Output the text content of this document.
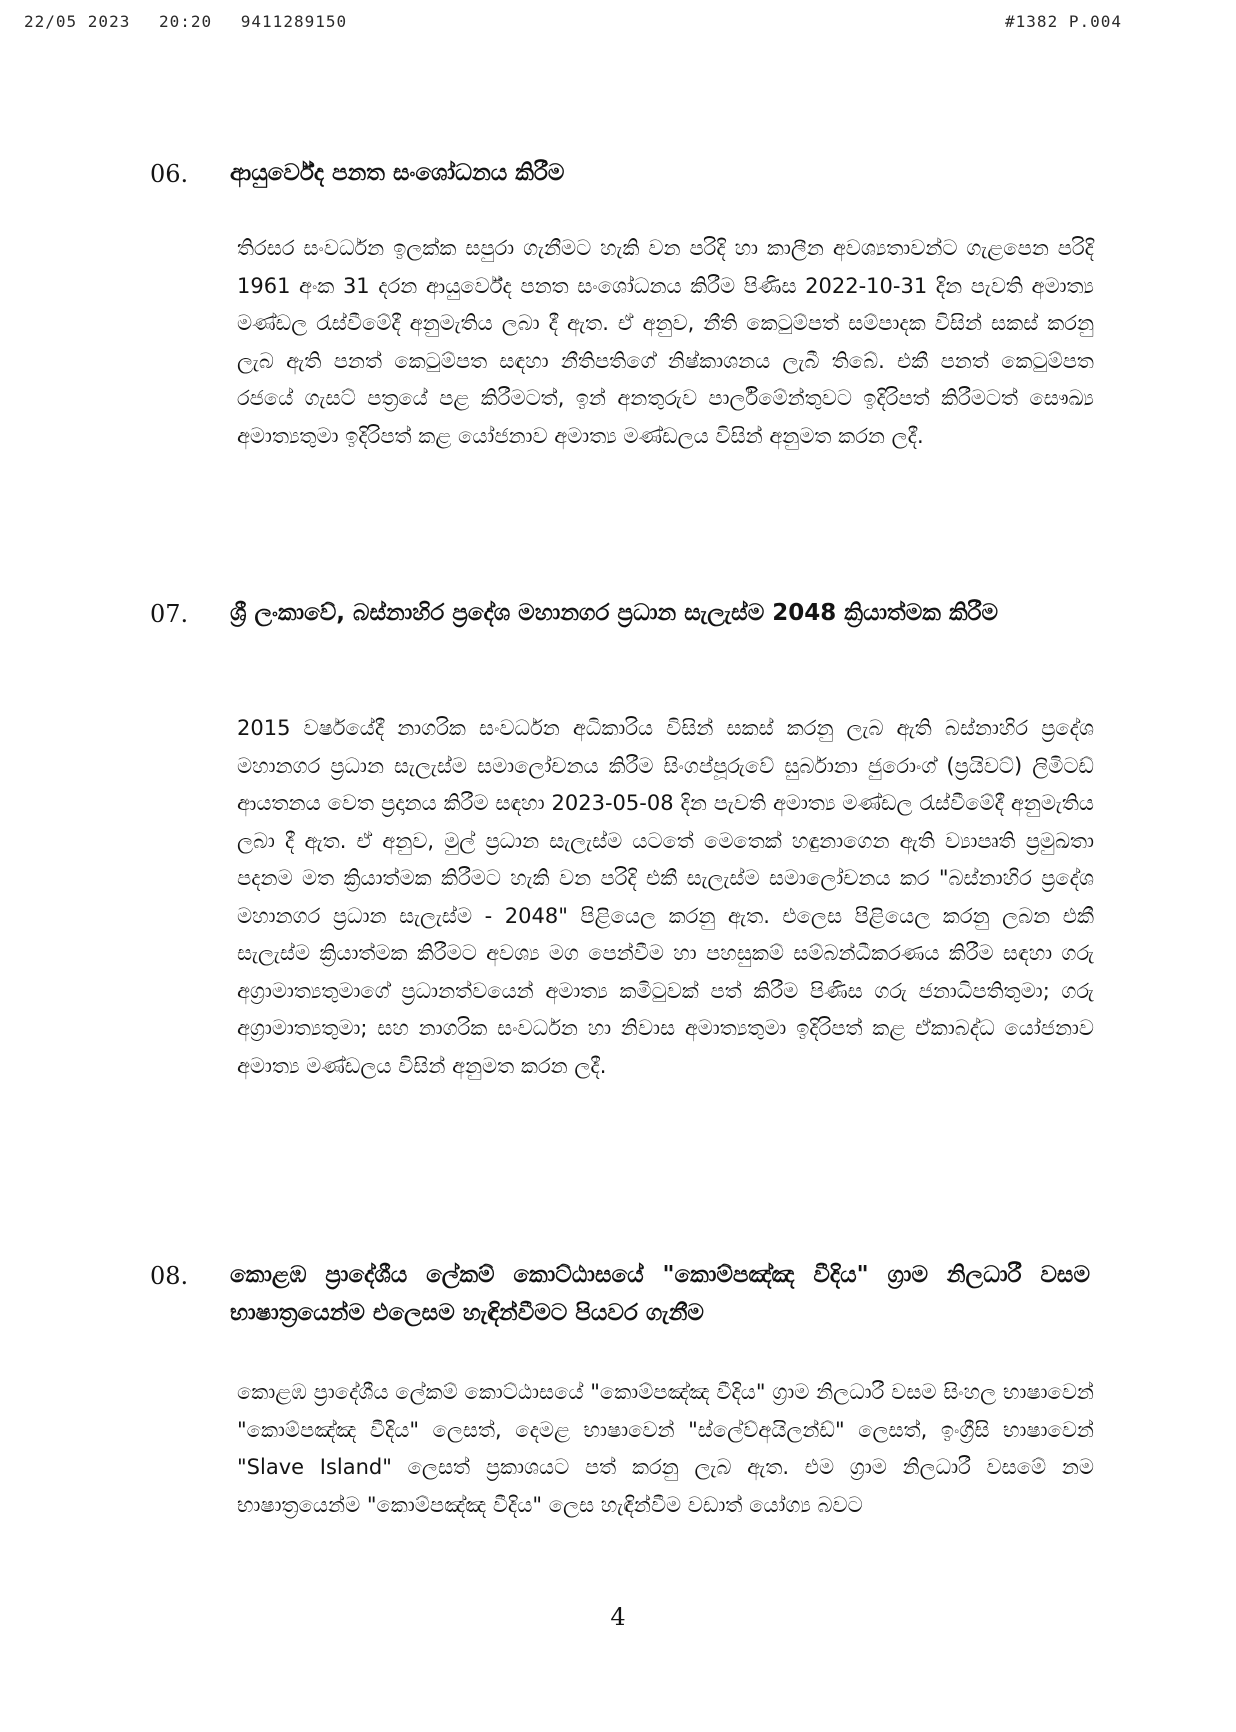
22/05 2023 20:20 9411289150	#1382 P.004
06. ආයුර්වේද පනත සංශෝධනය කිරීම
තිරසර සංවර්ධන ඉලක්ක සපුරා ගැනීමට හැකි වන පරිදි හා කාලීන අවශ්‍යතාවන්ට ගැළපෙන පරිදි 1961 අංක 31 දරන ආයුර්වේද පනත සංශෝධනය කිරීම පිණිස 2022-10-31 දින පැවති අමාත්‍ය මණ්ඩල රැස්වීමේදී අනුමැතිය ලබා දී ඇත. ඒ අනුව, නීති කෙටුම්පත් සම්පාදක විසින් සකස් කරනු ලැබ ඇති පනත් කෙටුම්පත සඳහා නීතිපතිගේ නිෂ්කාශනය ලැබී තිබේ. එකී පනත් කෙටුම්පත රජයේ ගැසට් පත්‍රයේ පළ කිරීමටත්, ඉන් අනතුරුව පාර්ලිමේන්තුවට ඉදිරිපත් කිරීමටත් සෞඛ්‍ය අමාත්‍යතුමා ඉදිරිපත් කළ යෝජනාව අමාත්‍ය මණ්ඩලය විසින් අනුමත කරන ලදී.
07. ශ්‍රී ලංකාවේ, බස්නාහිර ප්‍රදේශ මහානගර ප්‍රධාන සැලැස්ම 2048 ක්‍රියාත්මක කිරීම
2015 වර්ෂයේදී නාගරික සංවර්ධන අධිකාරිය විසින් සකස් කරනු ලැබ ඇති බස්නාහිර ප්‍රදේශ මහානගර ප්‍රධාන සැලැස්ම සමාලෝචනය කිරීම සිංගප්පූරුවේ සුර්බානා ජුරොංග් (ප්‍රයිවට්) ලිමිටඩ් ආයතනය වෙත ප්‍රදානය කිරීම සඳහා 2023-05-08 දින පැවති අමාත්‍ය මණ්ඩල රැස්වීමේදී අනුමැතිය ලබා දී ඇත. ඒ අනුව, මුල් ප්‍රධාන සැලැස්ම යටතේ මෙතෙක් හඳුනාගෙන ඇති ව්‍යාපෘති ප්‍රමුඛතා පදනම මත ක්‍රියාත්මක කිරීමට හැකි වන පරිදි එකී සැලැස්ම සමාලෝචනය කර "බස්නාහිර ප්‍රදේශ මහානගර ප්‍රධාන සැලැස්ම - 2048" පිළියෙල කරනු ඇත. එලෙස පිළියෙල කරනු ලබන එකී සැලැස්ම ක්‍රියාත්මක කිරීමට අවශ්‍ය මග පෙන්වීම හා පහසුකම් සම්බන්ධීකරණය කිරීම සඳහා ගරු අග්‍රාමාත්‍යතුමාගේ ප්‍රධානත්වයෙන් අමාත්‍ය කමිටුවක් පත් කිරීම පිණිස ගරු ජනාධිපතිතුමා; ගරු අග්‍රාමාත්‍යතුමා; සහ නාගරික සංවර්ධන හා නිවාස අමාත්‍යතුමා ඉදිරිපත් කළ ඒකාබද්ධ යෝජනාව අමාත්‍ය මණ්ඩලය විසින් අනුමත කරන ලදී.
08. කොළඹ ප්‍රාදේශීය ලේකම් කොට්ඨාසයේ "කොම්පඤ්ඤ වීදිය" ග්‍රාම නිලධාරී වසම භාෂාත්‍රයෙන්ම එලෙසම හැඳින්වීමට පියවර ගැනීම
කොළඹ ප්‍රාදේශීය ලේකම් කොට්ඨාසයේ "කොම්පඤ්ඤ වීදිය" ග්‍රාම නිලධාරී වසම සිංහල භාෂාවෙන් "කොම්පඤ්ඤ වීදිය" ලෙසත්, දෙමළ භාෂාවෙන් "ස්ලේව්අයිලන්ඩ්" ලෙසත්, ඉංග්‍රීසි භාෂාවෙන් "Slave Island" ලෙසත් ප්‍රකාශයට පත් කරනු ලැබ ඇත. එම ග්‍රාම නිලධාරී වසමේ නම භාෂාත්‍රයෙන්ම "කොම්පඤ්ඤ වීදිය" ලෙස හැඳින්වීම වඩාත් යෝග්‍ය බවට
4
